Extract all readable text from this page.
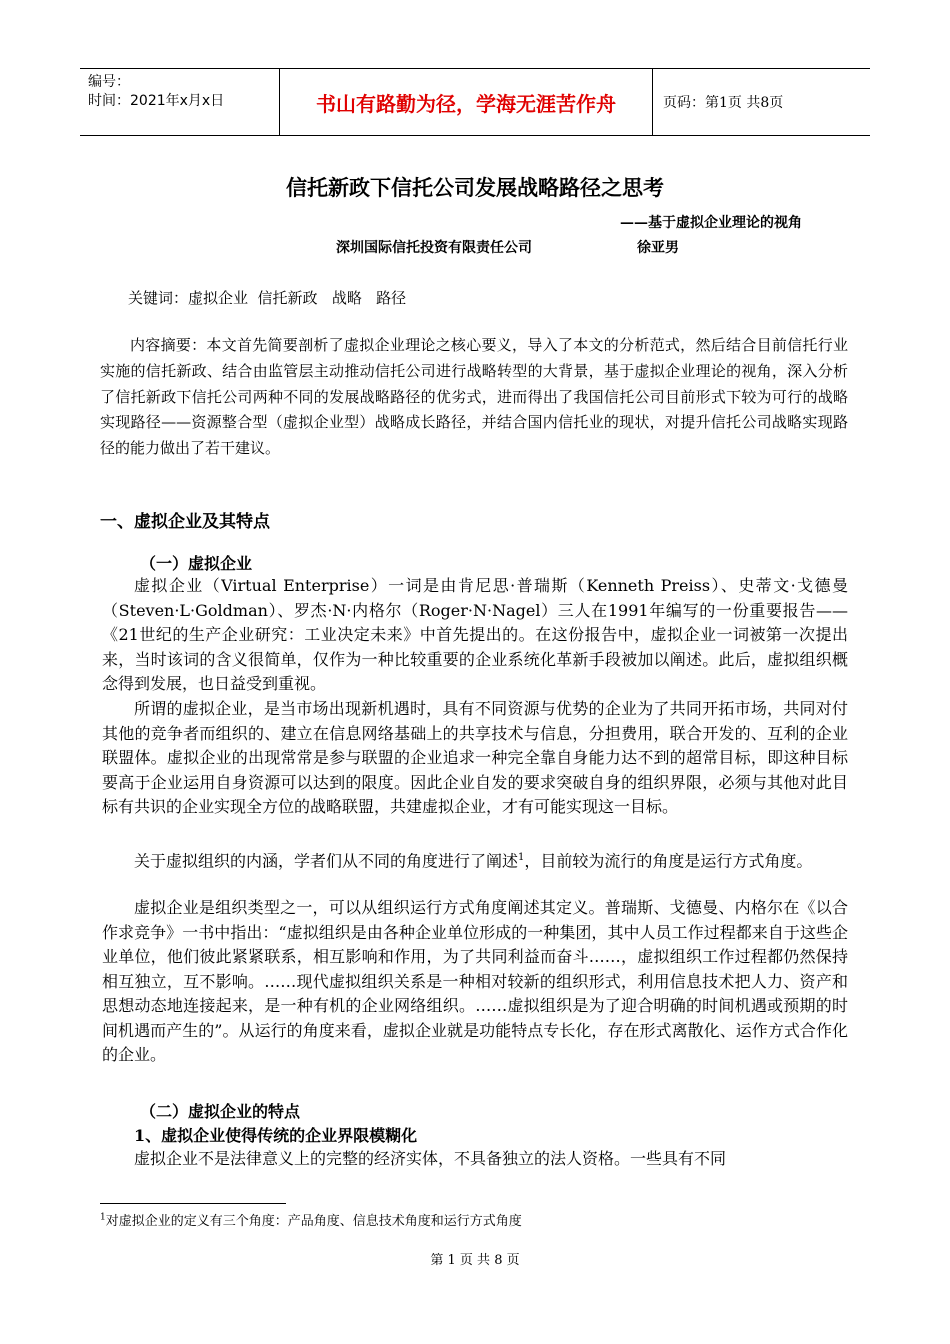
编号：
时间：2021年x月x日	书山有路勤为径，学海无涯苦作舟	页码：第1页 共8页
信托新政下信托公司发展战略路径之思考
——基于虚拟企业理论的视角
深圳国际信托投资有限责任公司	徐亚男
关键词：虚拟企业  信托新政   战略   路径

内容摘要：本文首先简要剖析了虚拟企业理论之核心要义，导入了本文的分析范式，然后结合目前信托行业实施的信托新政、结合由监管层主动推动信托公司进行战略转型的大背景，基于虚拟企业理论的视角，深入分析了信托新政下信托公司两种不同的发展战略路径的优劣式，进而得出了我国信托公司目前形式下较为可行的战略实现路径——资源整合型（虚拟企业型）战略成长路径，并结合国内信托业的现状，对提升信托公司战略实现路径的能力做出了若干建议。

一、虚拟企业及其特点
（一）虚拟企业

虚拟企业（Virtual Enterprise）一词是由肯尼思·普瑞斯（Kenneth Preiss）、史蒂文·戈德曼（Steven·L·Goldman）、罗杰·N·内格尔（Roger·N·Nagel）三人在1991年编写的一份重要报告——《21世纪的生产企业研究：工业决定未来》中首先提出的。在这份报告中，虚拟企业一词被第一次提出来，当时该词的含义很简单，仅作为一种比较重要的企业系统化革新手段被加以阐述。此后，虚拟组织概念得到发展，也日益受到重视。

所谓的虚拟企业，是当市场出现新机遇时，具有不同资源与优势的企业为了共同开拓市场，共同对付其他的竞争者而组织的、建立在信息网络基础上的共享技术与信息，分担费用，联合开发的、互利的企业联盟体。虚拟企业的出现常常是参与联盟的企业追求一种完全靠自身能力达不到的超常目标，即这种目标要高于企业运用自身资源可以达到的限度。因此企业自发的要求突破自身的组织界限，必须与其他对此目标有共识的企业实现全方位的战略联盟，共建虚拟企业，才有可能实现这一目标。

关于虚拟组织的内涵，学者们从不同的角度进行了阐述$^1$，目前较为流行的角度是运行方式角度。

虚拟企业是组织类型之一，可以从组织运行方式角度阐述其定义。普瑞斯、戈德曼、内格尔在《以合作求竞争》一书中指出：“虚拟组织是由各种企业单位形成的一种集团，其中人员工作过程都来自于这些企业单位，他们彼此紧紧联系，相互影响和作用，为了共同利益而奋斗……，虚拟组织工作过程都仍然保持相互独立，互不影响。……现代虚拟组织关系是一种相对较新的组织形式，利用信息技术把人力、资产和思想动态地连接起来，是一种有机的企业网络组织。……虚拟组织是为了迎合明确的时间机遇或预期的时间机遇而产生的”。从运行的角度来看，虚拟企业就是功能特点专长化，存在形式离散化、运作方式合作化的企业。

（二）虚拟企业的特点
1、虚拟企业使得传统的企业界限模糊化

虚拟企业不是法律意义上的完整的经济实体，不具备独立的法人资格。一些具有不同

$^1$对虚拟企业的定义有三个角度：产品角度、信息技术角度和运行方式角度
第 1 页 共 8 页
